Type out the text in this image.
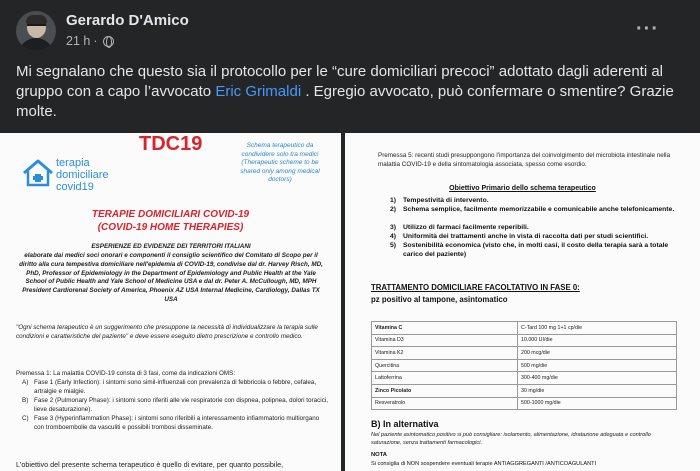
Gerardo D'Amico
21 h ·
···
Mi segnalano che questo sia il protocollo per le “cure domiciliari precoci” adottato dagli aderenti al gruppo con a capo l’avvocato Eric Grimaldi . Egregio avvocato, può confermare o smentire? Grazie molte.
TDC19	Schema terapeutico da condividere solo tra medici (Therapeutic scheme to be shared only among medical doctors)
terapia
domiciliare
covid19
TERAPIE DOMICILIARI COVID-19
(COVID-19 HOME THERAPIES)
ESPERIENZE ED EVIDENZE DEI TERRITORI ITALIANI
elaborate dai medici soci onorari e componenti il consiglio scientifico del Comitato di Scopo per il diritto alla cura tempestiva domiciliare nell'epidemia di COVID-19, condivise dal dr. Harvey Risch, MD, PhD, Professor of Epidemiology in the Department of Epidemiology and Public Health at the Yale School of Public Health and Yale School of Medicine USA e dal dr. Peter A. McCullough, MD, MPH President Cardiorenal Society of America, Phoenix AZ USA Internal Medicine, Cardiology, Dallas TX USA
"Ogni schema terapeutico è un suggerimento che presuppone la necessità di individualizzare la terapia sulle condizioni e caratteristiche del paziente" e deve essere eseguito dietro prescrizione e controllo medico.
Premessa 1: La malattia COVID-19 consta di 3 fasi, come da indicazioni OMS:
A) Fase 1 (Early Infection): i sintomi sono simil-influenzali con prevalenza di febbricola o febbre, cefalea, artralgie e mialgie.
B) Fase 2 (Pulmonary Phase): i sintomi sono riferiti alle vie respiratorie con dispnea, polipnea, dolori toracici, lieve desaturazione).
C) Fase 3 (Hyperinflammation Phase): i sintomi sono riferibili a interessamento infiammatorio multiorgano con tromboembolie da vasculiti e possibili trombosi disseminate.
L'obiettivo del presente schema terapeutico è quello di evitare, per quanto possibile,
Premessa 5: recenti studi presuppongono l'importanza del coinvolgimento del microbiota intestinale nella malattia COVID-19 e della sintomatologia associata, spesso come esordio.
Obiettivo Primario dello schema terapeutico
1) Tempestività di intervento.
2) Schema semplice, facilmente memorizzabile e comunicabile anche telefonicamente.
3) Utilizzo di farmaci facilmente reperibili.
4) Uniformità dei trattamenti anche in vista di raccolta dati per studi scientifici.
5) Sostenibilità economica (visto che, in molti casi, il costo della terapia sarà a totale carico del paziente)
TRATTAMENTO DOMICILIARE FACOLTATIVO IN FASE 0:
pz positivo al tampone, asintomatico
Vitamina C	C-Tard 100 mg 1+1 cp/die
Vitamina D3	10.000 UI/die
Vitamina K2	200 mcg/die
Quercitina	500 mg/die
Lattoferrina	300-400 mg/die
Zinco Picolato	30 mg/die
Resveratrolo	500-1000 mg/die
B) In alternativa
Nel paziente asintomatico positivo si può consigliare: isolamento, alimentazione, idratazione adeguata e controllo saturazione, senza trattamenti farmacologici.
NOTA
Si consiglia di NON sospendere eventuali terapie ANTIAGGREGANTI /ANTICOAGULANTI
